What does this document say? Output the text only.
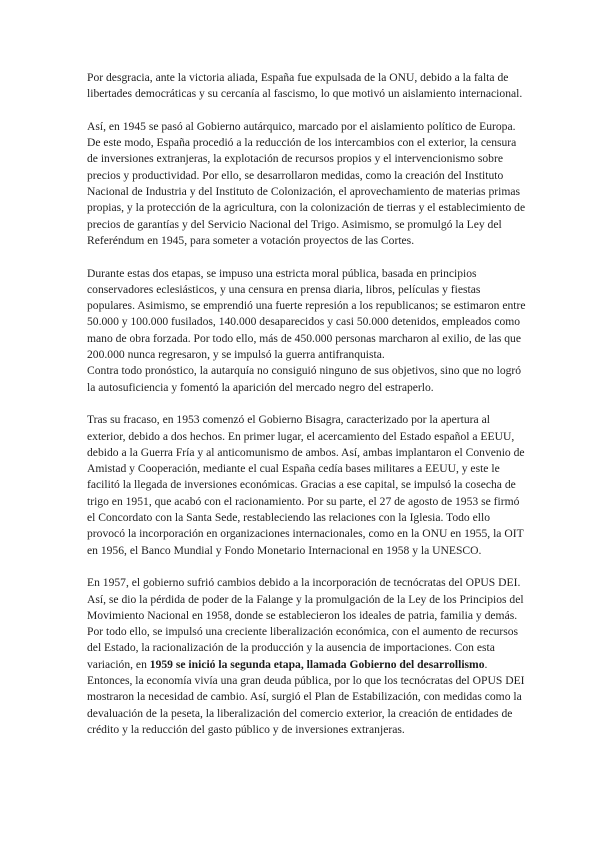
Por desgracia, ante la victoria aliada, España fue expulsada de la ONU, debido a la falta de libertades democráticas y su cercanía al fascismo, lo que motivó un aislamiento internacional.

Así, en 1945 se pasó al Gobierno autárquico, marcado por el aislamiento político de Europa. De este modo, España procedió a la reducción de los intercambios con el exterior, la censura de inversiones extranjeras, la explotación de recursos propios y el intervencionismo sobre precios y productividad. Por ello, se desarrollaron medidas, como la creación del Instituto Nacional de Industria y del Instituto de Colonización, el aprovechamiento de materias primas propias, y la protección de la agricultura, con la colonización de tierras y el establecimiento de precios de garantías y del Servicio Nacional del Trigo. Asimismo, se promulgó la Ley del Referéndum en 1945, para someter a votación proyectos de las Cortes.

Durante estas dos etapas, se impuso una estricta moral pública, basada en principios conservadores eclesiásticos, y una censura en prensa diaria, libros, películas y fiestas populares. Asimismo, se emprendió una fuerte represión a los republicanos; se estimaron entre 50.000 y 100.000 fusilados, 140.000 desaparecidos y casi 50.000 detenidos, empleados como mano de obra forzada. Por todo ello, más de 450.000 personas marcharon al exilio, de las que 200.000 nunca regresaron, y se impulsó la guerra antifranquista.

Contra todo pronóstico, la autarquía no consiguió ninguno de sus objetivos, sino que no logró la autosuficiencia y fomentó la aparición del mercado negro del estraperlo.

Tras su fracaso, en 1953 comenzó el Gobierno Bisagra, caracterizado por la apertura al exterior, debido a dos hechos. En primer lugar, el acercamiento del Estado español a EEUU, debido a la Guerra Fría y al anticomunismo de ambos. Así, ambas implantaron el Convenio de Amistad y Cooperación, mediante el cual España cedía bases militares a EEUU, y este le facilitó la llegada de inversiones económicas. Gracias a ese capital, se impulsó la cosecha de trigo en 1951, que acabó con el racionamiento. Por su parte, el 27 de agosto de 1953 se firmó el Concordato con la Santa Sede, restableciendo las relaciones con la Iglesia. Todo ello provocó la incorporación en organizaciones internacionales, como en la ONU en 1955, la OIT en 1956, el Banco Mundial y Fondo Monetario Internacional en 1958 y la UNESCO.

En 1957, el gobierno sufrió cambios debido a la incorporación de tecnócratas del OPUS DEI. Así, se dio la pérdida de poder de la Falange y la promulgación de la Ley de los Principios del Movimiento Nacional en 1958, donde se establecieron los ideales de patria, familia y demás.

Por todo ello, se impulsó una creciente liberalización económica, con el aumento de recursos del Estado, la racionalización de la producción y la ausencia de importaciones. Con esta variación, en 1959 se inició la segunda etapa, llamada Gobierno del desarrollismo. Entonces, la economía vivía una gran deuda pública, por lo que los tecnócratas del OPUS DEI mostraron la necesidad de cambio. Así, surgió el Plan de Estabilización, con medidas como la devaluación de la peseta, la liberalización del comercio exterior, la creación de entidades de crédito y la reducción del gasto público y de inversiones extranjeras.
